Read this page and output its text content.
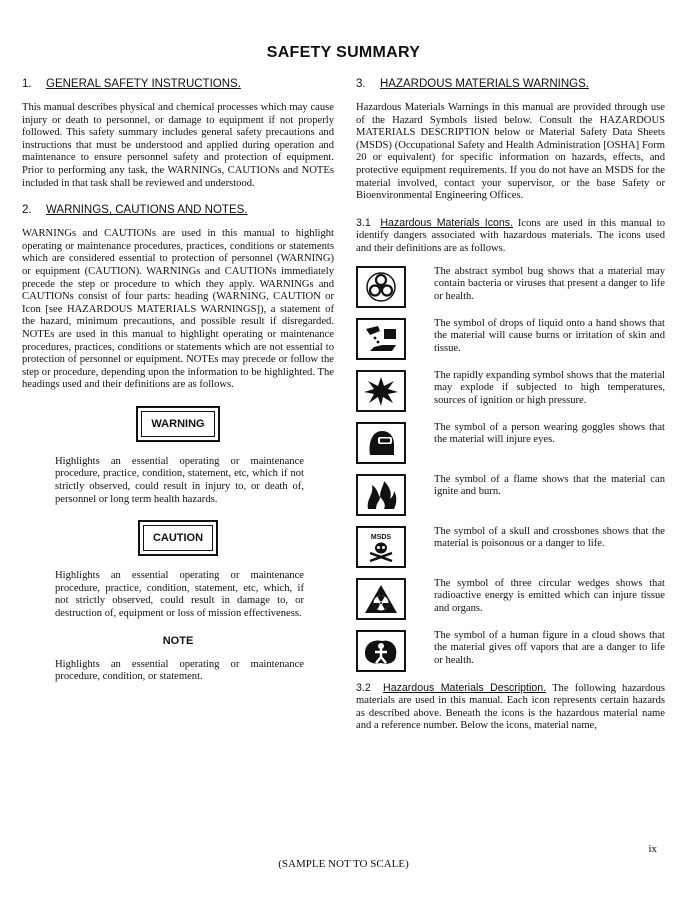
SAFETY SUMMARY
1. GENERAL SAFETY INSTRUCTIONS.

This manual describes physical and chemical processes which may cause injury or death to personnel, or damage to equipment if not properly followed. This safety summary includes general safety precautions and instructions that must be understood and applied during operation and maintenance to ensure personnel safety and protection of equipment. Prior to performing any task, the WARNINGs, CAUTIONs and NOTEs included in that task shall be reviewed and understood.

2. WARNINGS, CAUTIONS AND NOTES.

WARNINGs and CAUTIONs are used in this manual to highlight operating or maintenance procedures, practices, conditions or statements which are considered essential to protection of personnel (WARNING) or equipment (CAUTION). WARNINGs and CAUTIONs immediately precede the step or procedure to which they apply. WARNINGs and CAUTIONs consist of four parts: heading (WARNING, CAUTION or Icon [see HAZARDOUS MATERIALS WARNINGS]), a statement of the hazard, minimum precautions, and possible result if disregarded. NOTEs are used in this manual to highlight operating or maintenance procedures, practices, conditions or statements which are not essential to protection of personnel or equipment. NOTEs may precede or follow the step or procedure, depending upon the information to be highlighted. The headings used and their definitions are as follows.

WARNING

Highlights an essential operating or maintenance procedure, practice, condition, statement, etc, which if not strictly observed, could result in injury to, or death of, personnel or long term health hazards.

CAUTION

Highlights an essential operating or maintenance procedure, practice, condition, statement, etc, which, if not strictly observed, could result in damage to, or destruction of, equipment or loss of mission effectiveness.

NOTE

Highlights an essential operating or maintenance procedure, condition, or statement.

3. HAZARDOUS MATERIALS WARNINGS.

Hazardous Materials Warnings in this manual are provided through use of the Hazard Symbols listed below. Consult the HAZARDOUS MATERIALS DESCRIPTION below or Material Safety Data Sheets (MSDS) (Occupational Safety and Health Administration [OSHA] Form 20 or equivalent) for specific information on hazards, effects, and protective equipment requirements. If you do not have an MSDS for the material involved, contact your supervisor, or the base Safety or Bioenvironmental Engineering Offices.

3.1 Hazardous Materials Icons. Icons are used in this manual to identify dangers associated with hazardous materials. The icons used and their definitions are as follows.

The abstract symbol bug shows that a material may contain bacteria or viruses that present a danger to life or health.

The symbol of drops of liquid onto a hand shows that the material will cause burns or irritation of skin and tissue.

The rapidly expanding symbol shows that the material may explode if subjected to high temperatures, sources of ignition or high pressure.

The symbol of a person wearing goggles shows that the material will injure eyes.

The symbol of a flame shows that the material can ignite and burn.

MSDS

The symbol of a skull and crossbones shows that the material is poisonous or a danger to life.

The symbol of three circular wedges shows that radioactive energy is emitted which can injure tissue and organs.

The symbol of a human figure in a cloud shows that the material gives off vapors that are a danger to life or health.

3.2 Hazardous Materials Description. The following hazardous materials are used in this manual. Each icon represents certain hazards as described above. Beneath the icons is the hazardous material name and a reference number. Below the icons, material name,

ix
(SAMPLE NOT TO SCALE)
